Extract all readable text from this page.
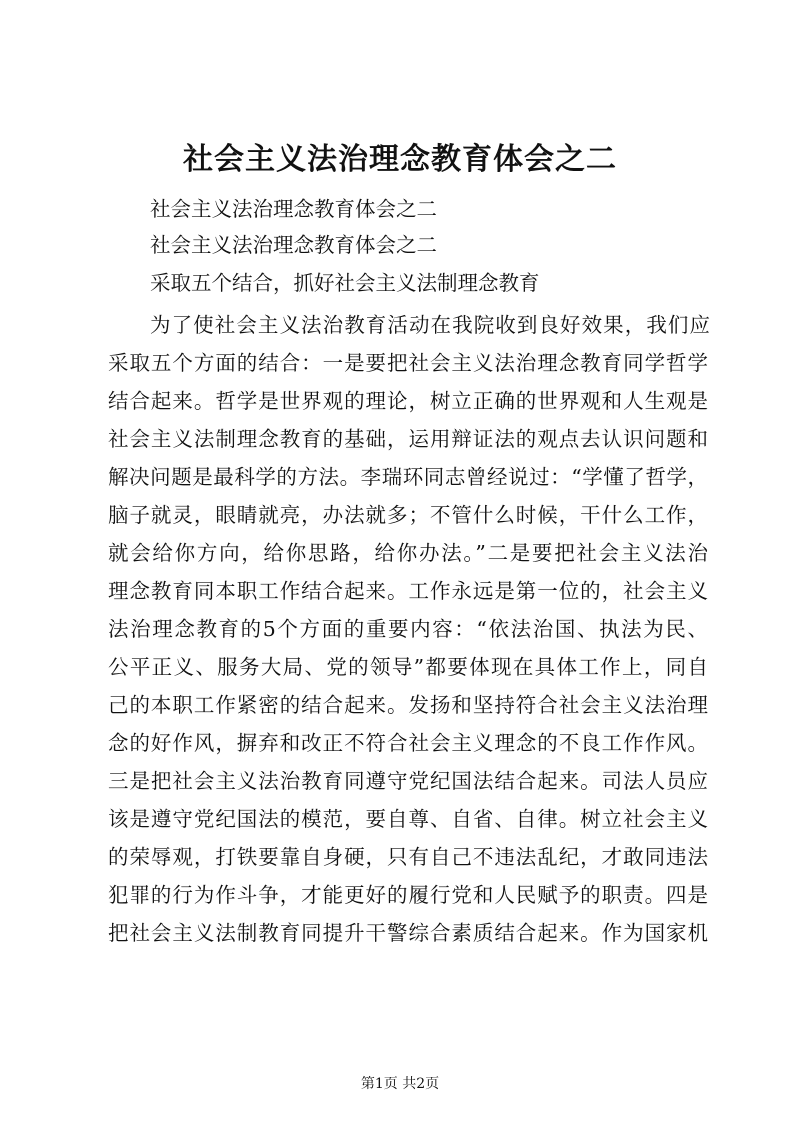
社会主义法治理念教育体会之二

社会主义法治理念教育体会之二

社会主义法治理念教育体会之二

采取五个结合，抓好社会主义法制理念教育

为了使社会主义法治教育活动在我院收到良好效果，我们应

采取五个方面的结合：一是要把社会主义法治理念教育同学哲学

结合起来。哲学是世界观的理论，树立正确的世界观和人生观是

社会主义法制理念教育的基础，运用辩证法的观点去认识问题和

解决问题是最科学的方法。李瑞环同志曾经说过：“学懂了哲学，

脑子就灵，眼睛就亮，办法就多；不管什么时候，干什么工作，

就会给你方向，给你思路，给你办法。”二是要把社会主义法治

理念教育同本职工作结合起来。工作永远是第一位的，社会主义

法治理念教育的5个方面的重要内容：“依法治国、执法为民、

公平正义、服务大局、党的领导”都要体现在具体工作上，同自

己的本职工作紧密的结合起来。发扬和坚持符合社会主义法治理

念的好作风，摒弃和改正不符合社会主义理念的不良工作作风。

三是把社会主义法治教育同遵守党纪国法结合起来。司法人员应

该是遵守党纪国法的模范，要自尊、自省、自律。树立社会主义

的荣辱观，打铁要靠自身硬，只有自己不违法乱纪，才敢同违法

犯罪的行为作斗争，才能更好的履行党和人民赋予的职责。四是

把社会主义法制教育同提升干警综合素质结合起来。作为国家机

第1页 共2页
